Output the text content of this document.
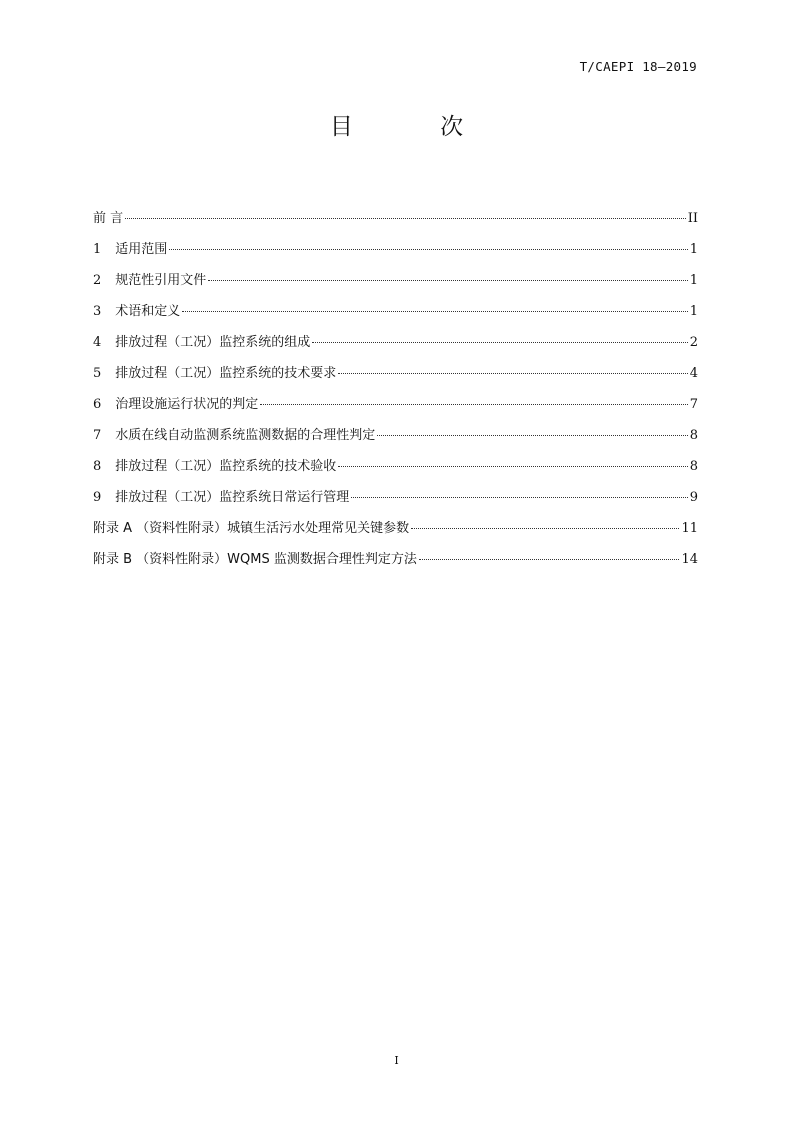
T/CAEPI 18—2019
目 次
前 言	II
1 适用范围	1
2 规范性引用文件	1
3 术语和定义	1
4 排放过程（工况）监控系统的组成	2
5 排放过程（工况）监控系统的技术要求	4
6 治理设施运行状况的判定	7
7 水质在线自动监测系统监测数据的合理性判定	8
8 排放过程（工况）监控系统的技术验收	8
9 排放过程（工况）监控系统日常运行管理	9
附录 A （资料性附录）城镇生活污水处理常见关键参数	11
附录 B （资料性附录）WQMS 监测数据合理性判定方法	14
I
